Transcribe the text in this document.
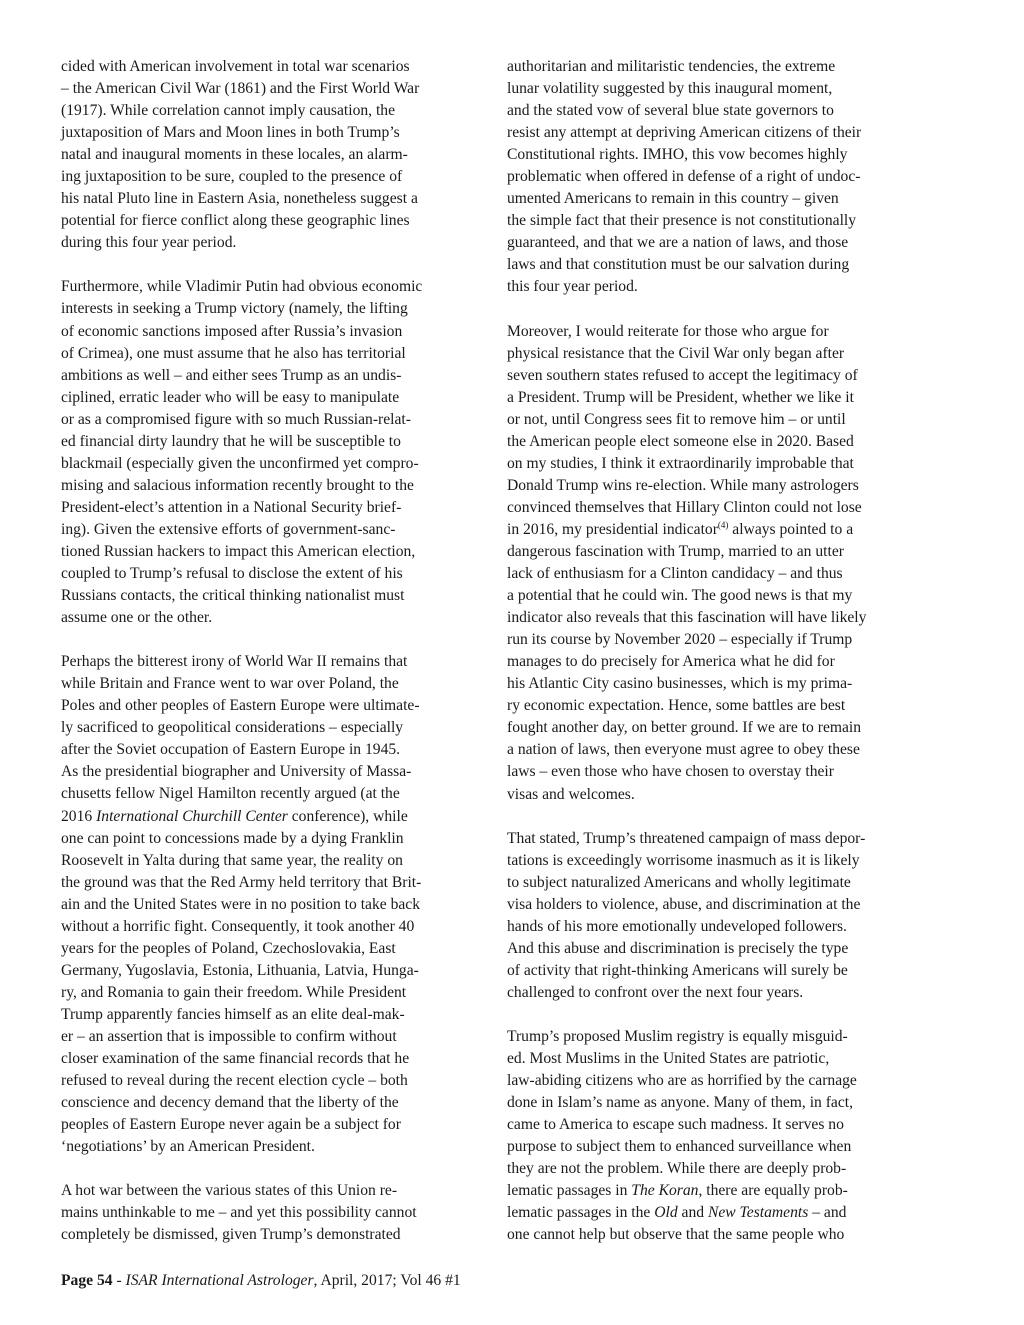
cided with American involvement in total war scenarios
– the American Civil War (1861) and the First World War
(1917). While correlation cannot imply causation, the
juxtaposition of Mars and Moon lines in both Trump’s
natal and inaugural moments in these locales, an alarm-
ing juxtaposition to be sure, coupled to the presence of
his natal Pluto line in Eastern Asia, nonetheless suggest a
potential for fierce conflict along these geographic lines
during this four year period.
Furthermore, while Vladimir Putin had obvious economic
interests in seeking a Trump victory (namely, the lifting
of economic sanctions imposed after Russia’s invasion
of Crimea), one must assume that he also has territorial
ambitions as well – and either sees Trump as an undis-
ciplined, erratic leader who will be easy to manipulate
or as a compromised figure with so much Russian-relat-
ed financial dirty laundry that he will be susceptible to
blackmail (especially given the unconfirmed yet compro-
mising and salacious information recently brought to the
President-elect’s attention in a National Security brief-
ing). Given the extensive efforts of government-sanc-
tioned Russian hackers to impact this American election,
coupled to Trump’s refusal to disclose the extent of his
Russians contacts, the critical thinking nationalist must
assume one or the other.
Perhaps the bitterest irony of World War II remains that
while Britain and France went to war over Poland, the
Poles and other peoples of Eastern Europe were ultimate-
ly sacrificed to geopolitical considerations – especially
after the Soviet occupation of Eastern Europe in 1945.
As the presidential biographer and University of Massa-
chusetts fellow Nigel Hamilton recently argued (at the
2016 International Churchill Center conference), while
one can point to concessions made by a dying Franklin
Roosevelt in Yalta during that same year, the reality on
the ground was that the Red Army held territory that Brit-
ain and the United States were in no position to take back
without a horrific fight. Consequently, it took another 40
years for the peoples of Poland, Czechoslovakia, East
Germany, Yugoslavia, Estonia, Lithuania, Latvia, Hunga-
ry, and Romania to gain their freedom. While President
Trump apparently fancies himself as an elite deal-mak-
er – an assertion that is impossible to confirm without
closer examination of the same financial records that he
refused to reveal during the recent election cycle – both
conscience and decency demand that the liberty of the
peoples of Eastern Europe never again be a subject for
‘negotiations’ by an American President.
A hot war between the various states of this Union re-
mains unthinkable to me – and yet this possibility cannot
completely be dismissed, given Trump’s demonstrated
authoritarian and militaristic tendencies, the extreme
lunar volatility suggested by this inaugural moment,
and the stated vow of several blue state governors to
resist any attempt at depriving American citizens of their
Constitutional rights. IMHO, this vow becomes highly
problematic when offered in defense of a right of undoc-
umented Americans to remain in this country – given
the simple fact that their presence is not constitutionally
guaranteed, and that we are a nation of laws, and those
laws and that constitution must be our salvation during
this four year period.
Moreover, I would reiterate for those who argue for
physical resistance that the Civil War only began after
seven southern states refused to accept the legitimacy of
a President. Trump will be President, whether we like it
or not, until Congress sees fit to remove him – or until
the American people elect someone else in 2020. Based
on my studies, I think it extraordinarily improbable that
Donald Trump wins re-election. While many astrologers
convinced themselves that Hillary Clinton could not lose
in 2016, my presidential indicator$^{(4)}$ always pointed to a
dangerous fascination with Trump, married to an utter
lack of enthusiasm for a Clinton candidacy – and thus
a potential that he could win. The good news is that my
indicator also reveals that this fascination will have likely
run its course by November 2020 – especially if Trump
manages to do precisely for America what he did for
his Atlantic City casino businesses, which is my prima-
ry economic expectation. Hence, some battles are best
fought another day, on better ground. If we are to remain
a nation of laws, then everyone must agree to obey these
laws – even those who have chosen to overstay their
visas and welcomes.
That stated, Trump’s threatened campaign of mass depor-
tations is exceedingly worrisome inasmuch as it is likely
to subject naturalized Americans and wholly legitimate
visa holders to violence, abuse, and discrimination at the
hands of his more emotionally undeveloped followers.
And this abuse and discrimination is precisely the type
of activity that right-thinking Americans will surely be
challenged to confront over the next four years.
Trump’s proposed Muslim registry is equally misguid-
ed. Most Muslims in the United States are patriotic,
law-abiding citizens who are as horrified by the carnage
done in Islam’s name as anyone. Many of them, in fact,
came to America to escape such madness. It serves no
purpose to subject them to enhanced surveillance when
they are not the problem. While there are deeply prob-
lematic passages in The Koran, there are equally prob-
lematic passages in the Old and New Testaments – and
one cannot help but observe that the same people who
Page 54 - ISAR International Astrologer, April, 2017; Vol 46 #1
